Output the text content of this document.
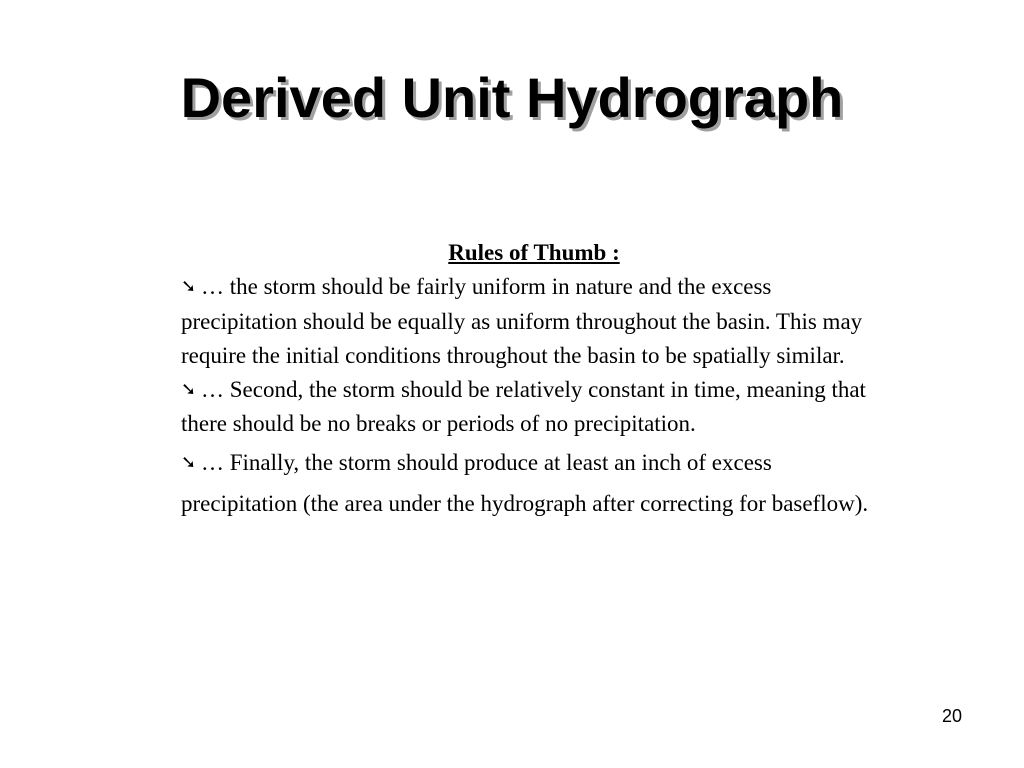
Derived Unit Hydrograph
Rules of Thumb :

➘ … the storm should be fairly uniform in nature and the excess precipitation should be equally as uniform throughout the basin. This may require the initial conditions throughout the basin to be spatially similar.

➘ … Second, the storm should be relatively constant in time, meaning that there should be no breaks or periods of no precipitation.

➘ … Finally, the storm should produce at least an inch of excess precipitation (the area under the hydrograph after correcting for baseflow).

20
